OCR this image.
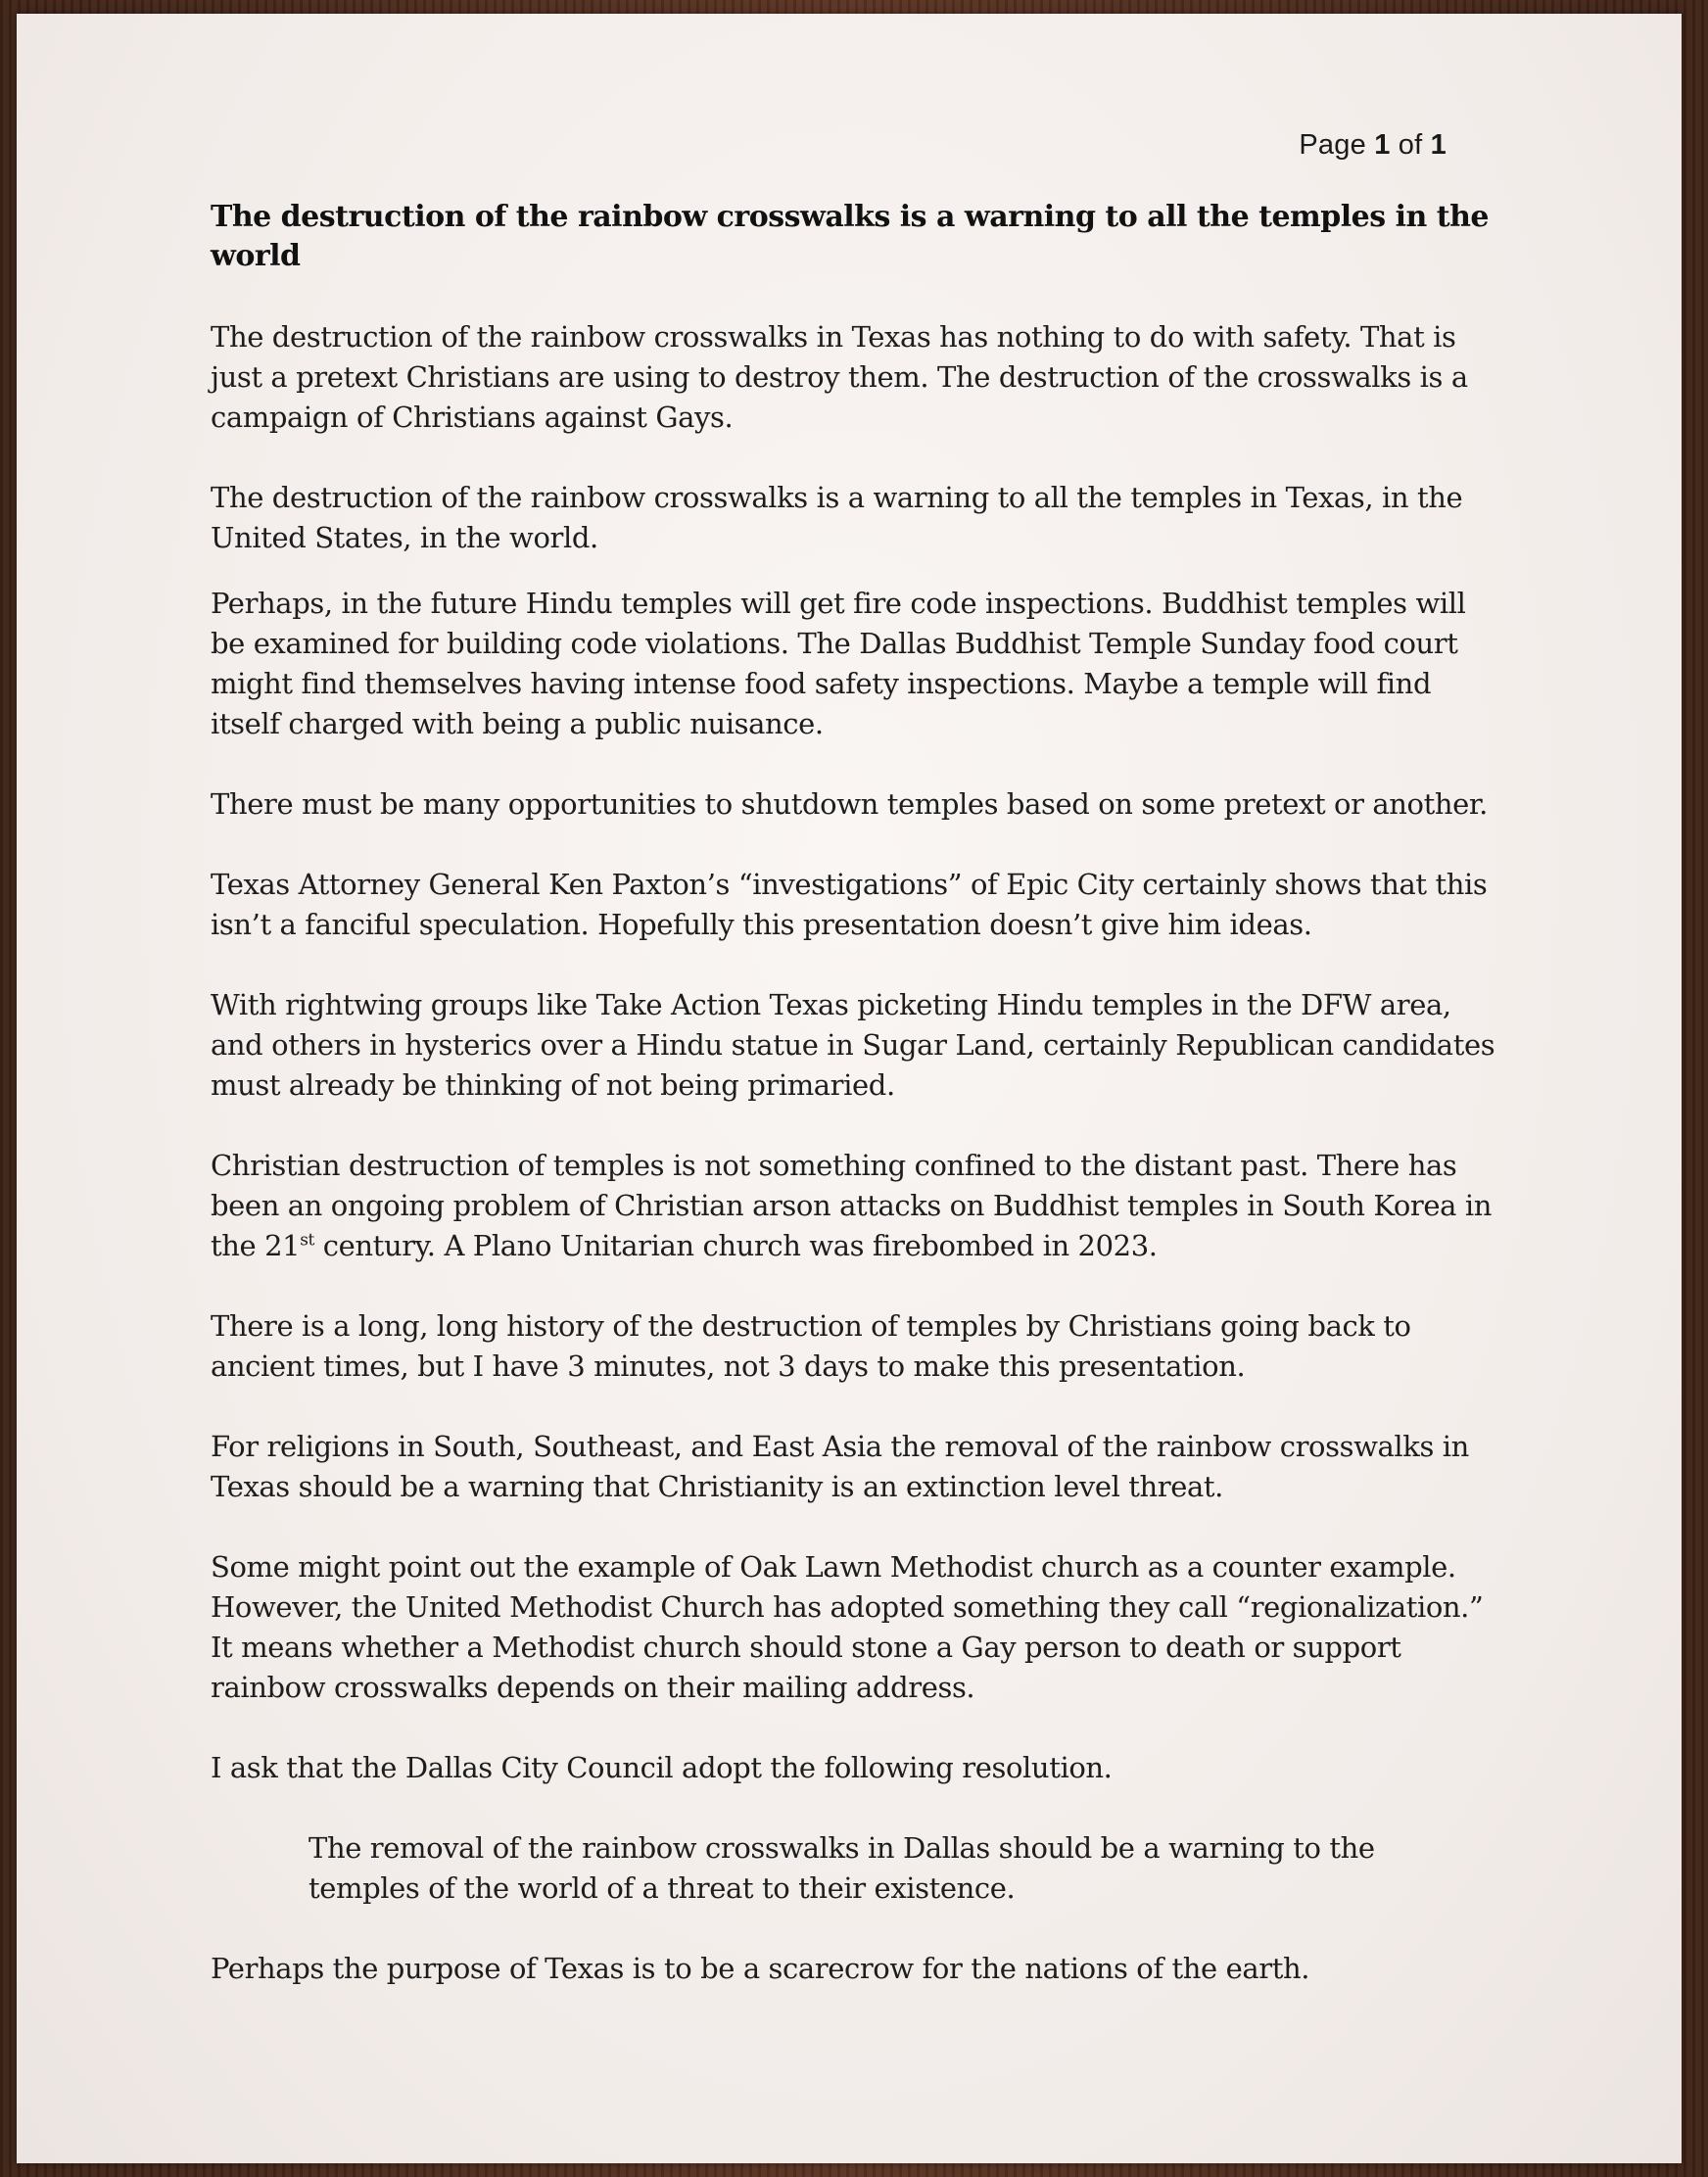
Page 1 of 1
The destruction of the rainbow crosswalks is a warning to all the temples in the world

The destruction of the rainbow crosswalks in Texas has nothing to do with safety. That is just a pretext Christians are using to destroy them. The destruction of the crosswalks is a campaign of Christians against Gays.

The destruction of the rainbow crosswalks is a warning to all the temples in Texas, in the United States, in the world.

Perhaps, in the future Hindu temples will get fire code inspections. Buddhist temples will be examined for building code violations. The Dallas Buddhist Temple Sunday food court might find themselves having intense food safety inspections. Maybe a temple will find itself charged with being a public nuisance.

There must be many opportunities to shutdown temples based on some pretext or another.

Texas Attorney General Ken Paxton’s “investigations” of Epic City certainly shows that this isn’t a fanciful speculation. Hopefully this presentation doesn’t give him ideas.

With rightwing groups like Take Action Texas picketing Hindu temples in the DFW area, and others in hysterics over a Hindu statue in Sugar Land, certainly Republican candidates must already be thinking of not being primaried.

Christian destruction of temples is not something confined to the distant past. There has been an ongoing problem of Christian arson attacks on Buddhist temples in South Korea in the 21st century. A Plano Unitarian church was firebombed in 2023.

There is a long, long history of the destruction of temples by Christians going back to ancient times, but I have 3 minutes, not 3 days to make this presentation.

For religions in South, Southeast, and East Asia the removal of the rainbow crosswalks in Texas should be a warning that Christianity is an extinction level threat.

Some might point out the example of Oak Lawn Methodist church as a counter example. However, the United Methodist Church has adopted something they call “regionalization.” It means whether a Methodist church should stone a Gay person to death or support rainbow crosswalks depends on their mailing address.

I ask that the Dallas City Council adopt the following resolution.

The removal of the rainbow crosswalks in Dallas should be a warning to the temples of the world of a threat to their existence.

Perhaps the purpose of Texas is to be a scarecrow for the nations of the earth.
